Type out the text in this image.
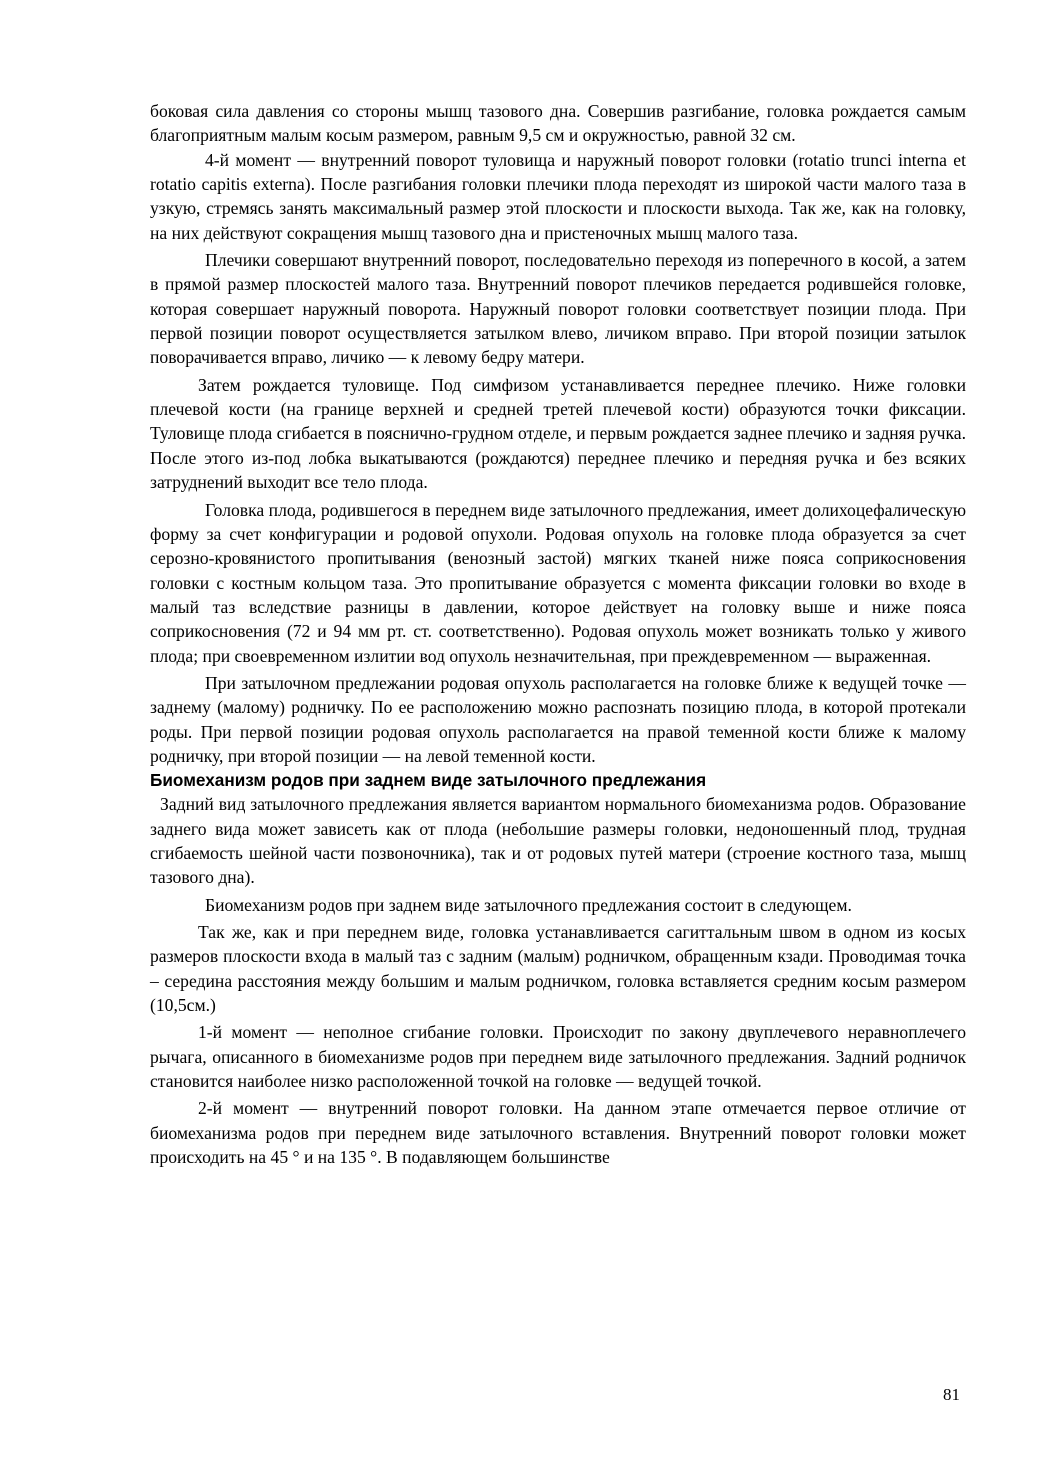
боковая сила давления со стороны мышц тазового дна. Совершив разгибание, головка рождается самым благоприятным малым косым размером, равным 9,5 см и окружностью, равной 32 см.

4-й момент — внутренний поворот туловища и наружный поворот головки (rotatio trunci interna et rotatio capitis externa). После разгибания головки плечики плода переходят из широкой части малого таза в узкую, стремясь занять максимальный размер этой плоскости и плоскости выхода. Так же, как на головку, на них действуют сокращения мышц тазового дна и пристеночных мышц малого таза.

Плечики совершают внутренний поворот, последовательно переходя из поперечного в косой, а затем в прямой размер плоскостей малого таза. Внутренний поворот плечиков передается родившейся головке, которая совершает наружный поворота. Наружный поворот головки соответствует позиции плода. При первой позиции поворот осуществляется затылком влево, личиком вправо. При второй позиции затылок поворачивается вправо, личико — к левому бедру матери.

Затем рождается туловище. Под симфизом устанавливается переднее плечико. Ниже головки плечевой кости (на границе верхней и средней третей плечевой кости) образуются точки фиксации. Туловище плода сгибается в пояснично-грудном отделе, и первым рождается заднее плечико и задняя ручка. После этого из-под лобка выкатываются (рождаются) переднее плечико и передняя ручка и без всяких затруднений выходит все тело плода.

Головка плода, родившегося в переднем виде затылочного предлежания, имеет долихоцефалическую форму за счет конфигурации и родовой опухоли. Родовая опухоль на головке плода образуется за счет серозно-кровянистого пропитывания (венозный застой) мягких тканей ниже пояса соприкосновения головки с костным кольцом таза. Это пропитывание образуется с момента фиксации головки во входе в малый таз вследствие разницы в давлении, которое действует на головку выше и ниже пояса соприкосновения (72 и 94 мм рт. ст. соответственно). Родовая опухоль может возникать только у живого плода; при своевременном излитии вод опухоль незначительная, при преждевременном — выраженная.

При затылочном предлежании родовая опухоль располагается на головке ближе к ведущей точке — заднему (малому) родничку. По ее расположению можно распознать позицию плода, в которой протекали роды. При первой позиции родовая опухоль располагается на правой теменной кости ближе к малому родничку, при второй позиции — на левой теменной кости.

Биомеханизм родов при заднем виде затылочного предлежания

Задний вид затылочного предлежания является вариантом нормального биомеханизма родов. Образование заднего вида может зависеть как от плода (небольшие размеры головки, недоношенный плод, трудная сгибаемость шейной части позвоночника), так и от родовых путей матери (строение костного таза, мышц тазового дна).

Биомеханизм родов при заднем виде затылочного предлежания состоит в следующем.

Так же, как и при переднем виде, головка устанавливается сагиттальным швом в одном из косых размеров плоскости входа в малый таз с задним (малым) родничком, обращенным кзади. Проводимая точка – середина расстояния между большим и малым родничком, головка вставляется средним косым размером (10,5см.)

1-й момент — неполное сгибание головки. Происходит по закону двуплечевого неравноплечего рычага, описанного в биомеханизме родов при переднем виде затылочного предлежания. Задний родничок становится наиболее низко расположенной точкой на головке — ведущей точкой.

2-й момент — внутренний поворот головки. На данном этапе отмечается первое отличие от биомеханизма родов при переднем виде затылочного вставления. Внутренний поворот головки может происходить на 45 ° и на 135 °. В подавляющем большинстве

81
